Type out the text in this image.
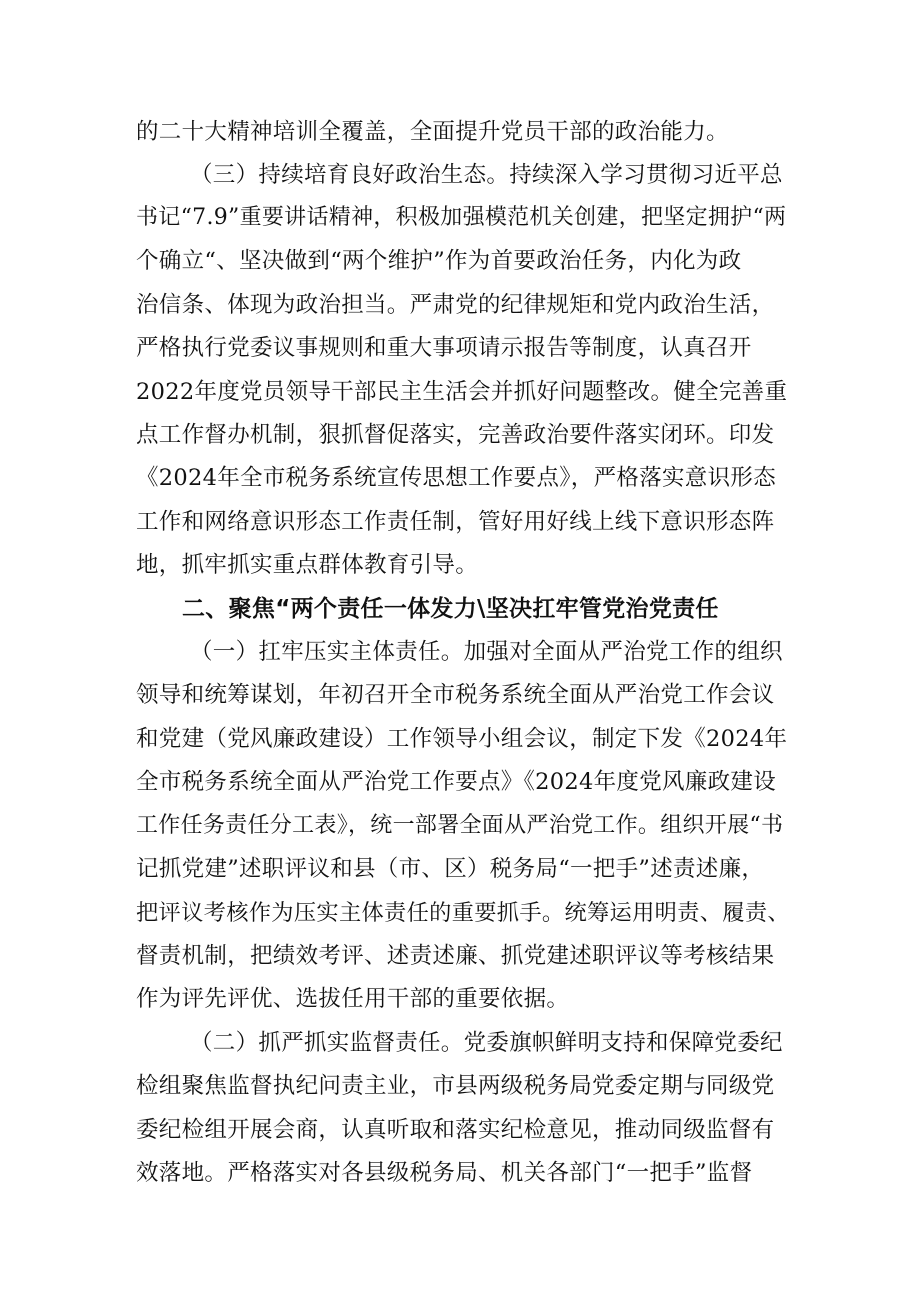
的二十大精神培训全覆盖，全面提升党员干部的政治能力。
（三）持续培育良好政治生态。持续深入学习贯彻习近平总
书记“7.9”重要讲话精神，积极加强模范机关创建，把坚定拥护“两
个确立“、坚决做到“两个维护”作为首要政治任务，内化为政
治信条、体现为政治担当。严肃党的纪律规矩和党内政治生活，
严格执行党委议事规则和重大事项请示报告等制度，认真召开
2022年度党员领导干部民主生活会并抓好问题整改。健全完善重
点工作督办机制，狠抓督促落实，完善政治要件落实闭环。印发
《2024年全市税务系统宣传思想工作要点》，严格落实意识形态
工作和网络意识形态工作责任制，管好用好线上线下意识形态阵
地，抓牢抓实重点群体教育引导。
二、聚焦“两个责任一体发力\坚决扛牢管党治党责任
（一）扛牢压实主体责任。加强对全面从严治党工作的组织
领导和统筹谋划，年初召开全市税务系统全面从严治党工作会议
和党建（党风廉政建设）工作领导小组会议，制定下发《2024年
全市税务系统全面从严治党工作要点》《2024年度党风廉政建设
工作任务责任分工表》，统一部署全面从严治党工作。组织开展“书
记抓党建”述职评议和县（市、区）税务局“一把手”述责述廉，
把评议考核作为压实主体责任的重要抓手。统筹运用明责、履责、
督责机制，把绩效考评、述责述廉、抓党建述职评议等考核结果
作为评先评优、选拔任用干部的重要依据。
（二）抓严抓实监督责任。党委旗帜鲜明支持和保障党委纪
检组聚焦监督执纪问责主业，市县两级税务局党委定期与同级党
委纪检组开展会商，认真听取和落实纪检意见，推动同级监督有
效落地。严格落实对各县级税务局、机关各部门“一把手”监督
